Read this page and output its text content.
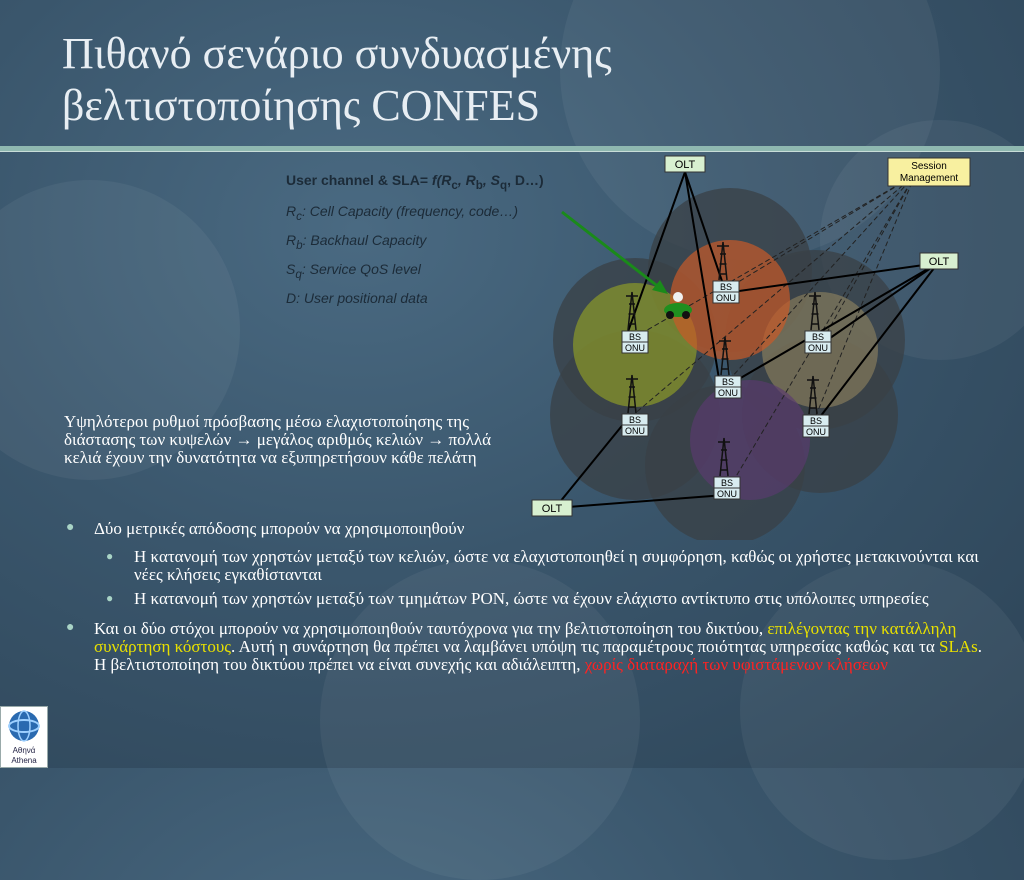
Πιθανό σενάριο συνδυασμένης
βελτιστοποίησης CONFES
User channel & $SLA= f(R_c$, $R_b$, $S_q$, D…)
$R_c$: Cell Capacity (frequency, code…)
$R_b$: Backhaul Capacity
$S_q$: Service QoS level
D: User positional data
OLT
OLT
OLT
Session
Management
BS
ONU
BS
ONU
BS
ONU
BS
ONU
BS
ONU
BS
ONU
BS
ONU
Υψηλότεροι ρυθμοί πρόσβασης μέσω ελαχιστοποίησης της διάστασης των κυψελών → μεγάλος αριθμός κελιών → πολλά κελιά έχουν την δυνατότητα να εξυπηρετήσουν κάθε πελάτη
● Δύο μετρικές απόδοσης μπορούν να χρησιμοποιηθούν
● Η κατανομή των χρηστών μεταξύ των κελιών, ώστε να ελαχιστοποιηθεί η συμφόρηση, καθώς οι χρήστες μετακινούνται και νέες κλήσεις εγκαθίστανται
● Η κατανομή των χρηστών μεταξύ των τμημάτων PON, ώστε να έχουν ελάχιστο αντίκτυπο στις υπόλοιπες υπηρεσίες
● Και οι δύο στόχοι μπορούν να χρησιμοποιηθούν ταυτόχρονα για την βελτιστοποίηση του δικτύου, επιλέγοντας την κατάλληλη συνάρτηση κόστους. Αυτή η συνάρτηση θα πρέπει να λαμβάνει υπόψη τις παραμέτρους ποιότητας υπηρεσίας καθώς και τα SLAs. Η βελτιστοποίηση του δικτύου πρέπει να είναι συνεχής και αδιάλειπτη, χωρίς διαταραχή των υφιστάμενων κλήσεων
Αθηνά
Athena
